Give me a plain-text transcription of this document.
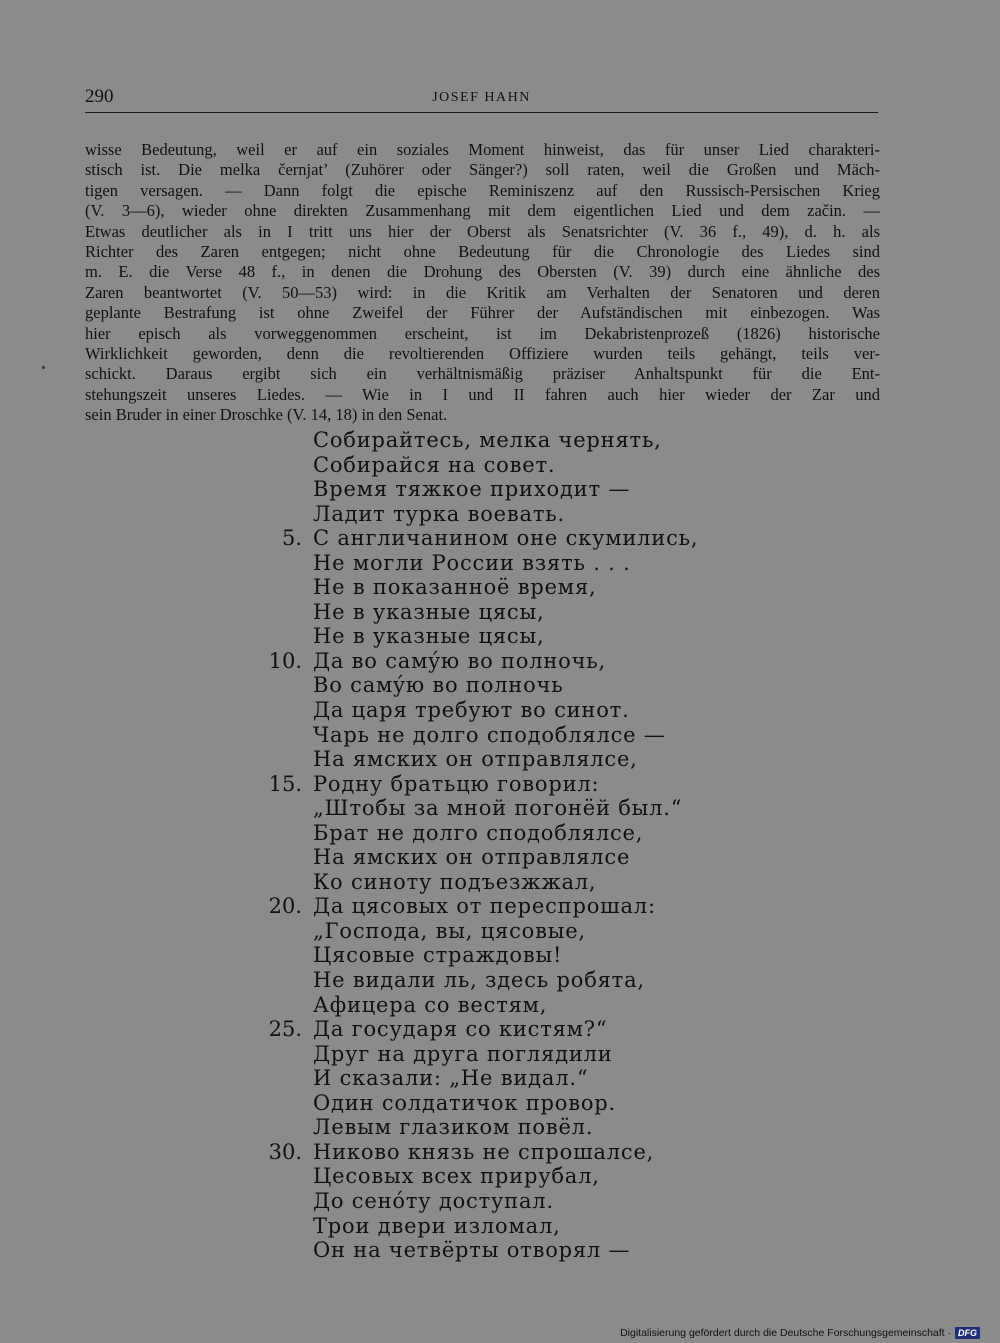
290	JOSEF HAHN
wisse Bedeutung, weil er auf ein soziales Moment hinweist, das für unser Lied charakteri-
stisch ist. Die melka černjat’ (Zuhörer oder Sänger?) soll raten, weil die Großen und Mäch-
tigen versagen. — Dann folgt die epische Reminiszenz auf den Russisch-Persischen Krieg
(V. 3—6), wieder ohne direkten Zusammenhang mit dem eigentlichen Lied und dem začin. —
Etwas deutlicher als in I tritt uns hier der Oberst als Senatsrichter (V. 36 f., 49), d. h. als
Richter des Zaren entgegen; nicht ohne Bedeutung für die Chronologie des Liedes sind
m. E. die Verse 48 f., in denen die Drohung des Obersten (V. 39) durch eine ähnliche des
Zaren beantwortet (V. 50—53) wird: in die Kritik am Verhalten der Senatoren und deren
geplante Bestrafung ist ohne Zweifel der Führer der Aufständischen mit einbezogen. Was
hier episch als vorweggenommen erscheint, ist im Dekabristenprozeß (1826) historische
Wirklichkeit geworden, denn die revoltierenden Offiziere wurden teils gehängt, teils ver-
schickt. Daraus ergibt sich ein verhältnismäßig präziser Anhaltspunkt für die Ent-
stehungszeit unseres Liedes. — Wie in I und II fahren auch hier wieder der Zar und
sein Bruder in einer Droschke (V. 14, 18) in den Senat.
Собирайтесь, мелка чернять,
Собирайся на совет.
Время тяжкое приходит —
Ладит турка воевать.
5. С англичанином оне скумились,
Не могли России взять . . .
Не в показанноё время,
Не в указные цясы,
Не в указные цясы,
10. Да во самýю во полночь,
Во самýю во полночь
Да царя требуют во синот.
Чарь не долго сподоблялсе —
На ямских он отправлялсе,
15. Родну братьцю говорил:
„Штобы за мной погонёй был.“
Брат не долго сподоблялсе,
На ямских он отправлялсе
Ко синоту подъезжжал,
20. Да цясовых от переспрошал:
„Господа, вы, цясовые,
Цясовые страждовы!
Не видали ль, здесь робята,
Афицера со вестям,
25. Да государя со кистям?“
Друг на друга поглядили
И сказали: „Не видал.“
Один солдатичок провор.
Левым глазиком повёл.
30. Никово князь не спрошалсе,
Цесовых всех прирубал,
До сенóту доступал.
Трои двери изломал,
Он на четвёрты отворял —
Digitalisierung gefördert durch die Deutsche Forschungsgemeinschaft · DFG
